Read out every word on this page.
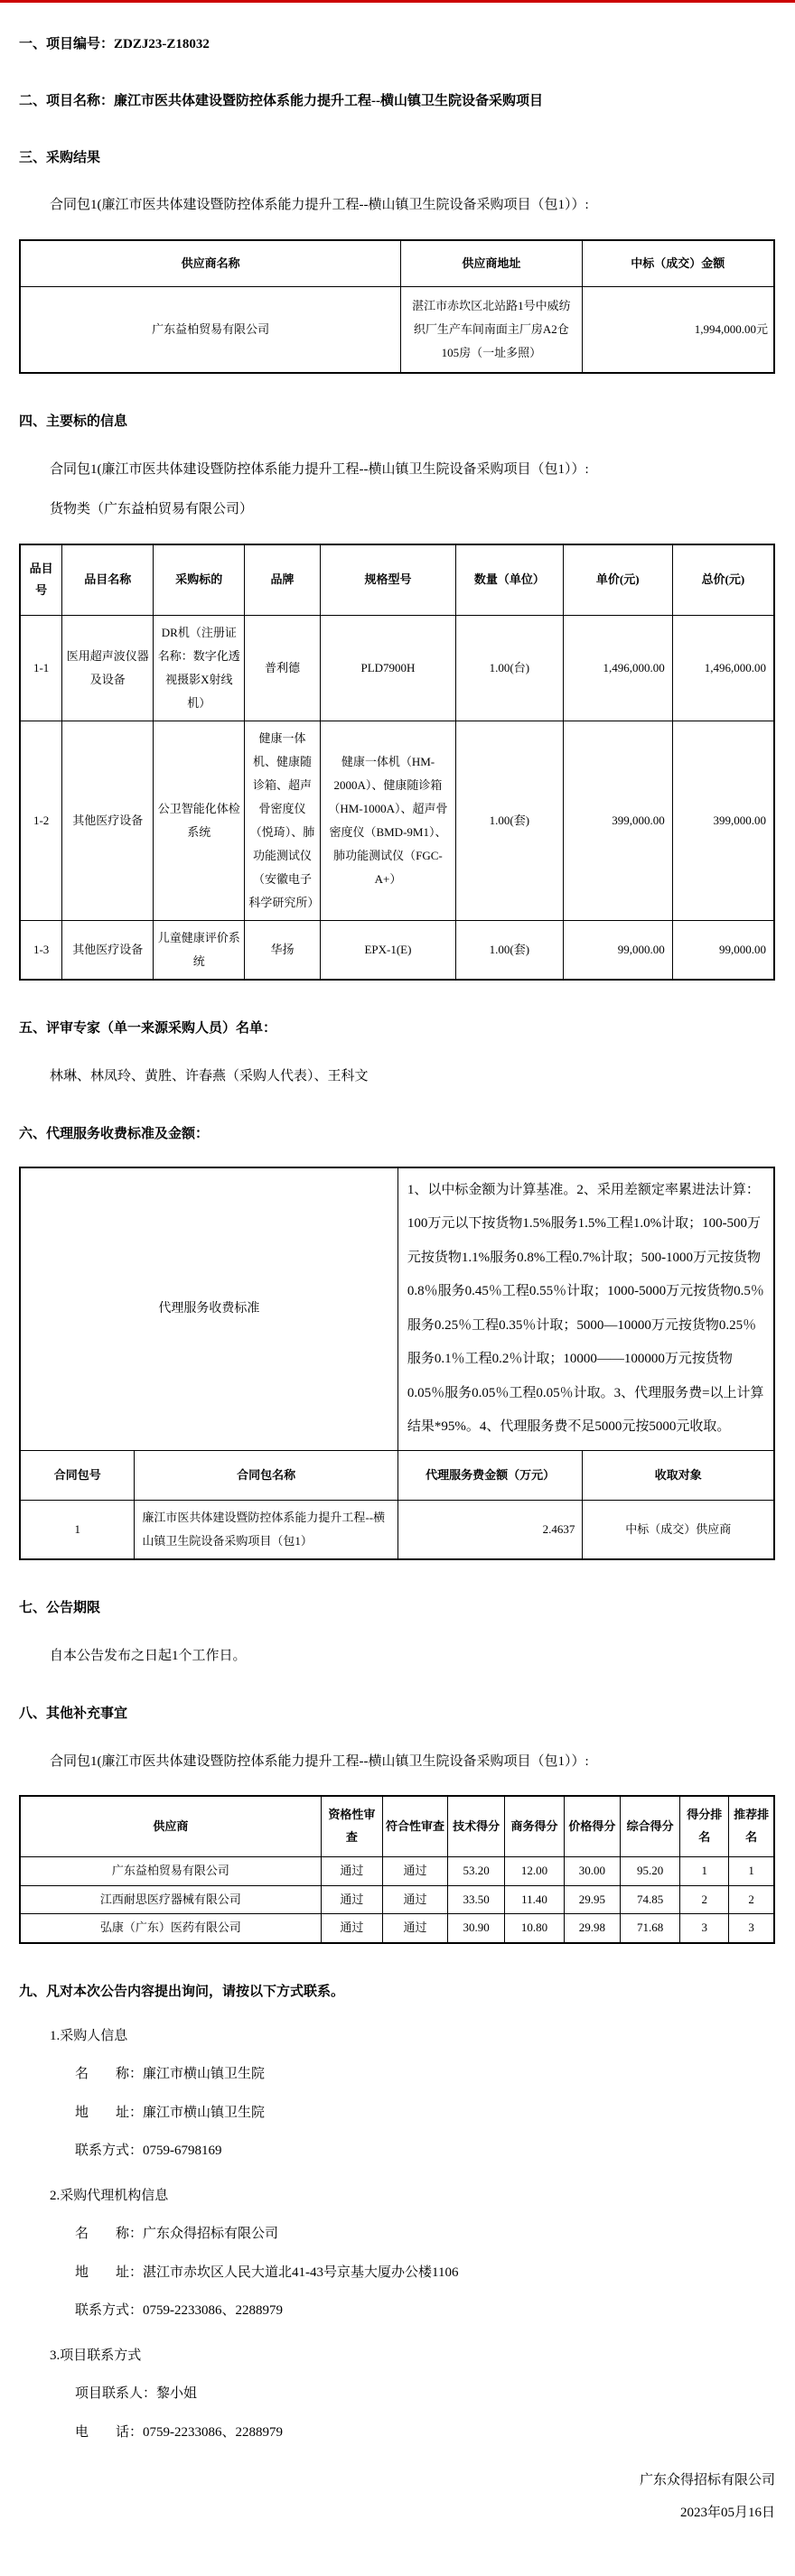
一、项目编号：ZDZJ23-Z18032
二、项目名称：廉江市医共体建设暨防控体系能力提升工程--横山镇卫生院设备采购项目
三、采购结果
合同包1(廉江市医共体建设暨防控体系能力提升工程--横山镇卫生院设备采购项目（包1））:
供应商名称	供应商地址	中标（成交）金额
广东益柏贸易有限公司	湛江市赤坎区北站路1号中威纺织厂生产车间南面主厂房A2仓105房（一址多照）	1,994,000.00元
四、主要标的信息
合同包1(廉江市医共体建设暨防控体系能力提升工程--横山镇卫生院设备采购项目（包1））:
货物类（广东益柏贸易有限公司）
品目号	品目名称	采购标的	品牌	规格型号	数量（单位）	单价(元)	总价(元)
1-1	医用超声波仪器及设备	DR机（注册证名称：数字化透视摄影X射线机）	普利德	PLD7900H	1.00(台)	1,496,000.00	1,496,000.00
1-2	其他医疗设备	公卫智能化体检系统	健康一体机、健康随诊箱、超声骨密度仪（悦琦）、肺功能测试仪（安徽电子科学研究所）	健康一体机（HM-2000A）、健康随诊箱（HM-1000A）、超声骨密度仪（BMD-9M1）、肺功能测试仪（FGC-A+）	1.00(套)	399,000.00	399,000.00
1-3	其他医疗设备	儿童健康评价系统	华扬	EPX-1(E)	1.00(套)	99,000.00	99,000.00
五、评审专家（单一来源采购人员）名单：
林琳、林凤玲、黄胜、许春燕（采购人代表）、王科文
六、代理服务收费标准及金额：
代理服务收费标准		1、以中标金额为计算基准。2、采用差额定率累进法计算：100万元以下按货物1.5%服务1.5%工程1.0%计取；100-500万元按货物1.1%服务0.8%工程0.7%计取；500-1000万元按货物0.8％服务0.45％工程0.55％计取；1000-5000万元按货物0.5％服务0.25％工程0.35％计取；5000—10000万元按货物0.25％服务0.1％工程0.2％计取；10000——100000万元按货物0.05％服务0.05％工程0.05％计取。3、代理服务费=以上计算结果*95%。4、代理服务费不足5000元按5000元收取。	
合同包号	合同包名称	代理服务费金额（万元）	收取对象
1	廉江市医共体建设暨防控体系能力提升工程--横山镇卫生院设备采购项目（包1）	2.4637	中标（成交）供应商
七、公告期限
自本公告发布之日起1个工作日。
八、其他补充事宜
合同包1(廉江市医共体建设暨防控体系能力提升工程--横山镇卫生院设备采购项目（包1））:
供应商	资格性审查	符合性审查	技术得分	商务得分	价格得分	综合得分	得分排名	推荐排名
广东益柏贸易有限公司	通过	通过	53.20	12.00	30.00	95.20	1	1
江西耐思医疗器械有限公司	通过	通过	33.50	11.40	29.95	74.85	2	2
弘康（广东）医药有限公司	通过	通过	30.90	10.80	29.98	71.68	3	3
九、凡对本次公告内容提出询问，请按以下方式联系。
1.采购人信息
名　　称：廉江市横山镇卫生院
地　　址：廉江市横山镇卫生院
联系方式：0759-6798169
2.采购代理机构信息
名　　称：广东众得招标有限公司
地　　址：湛江市赤坎区人民大道北41-43号京基大厦办公楼1106
联系方式：0759-2233086、2288979
3.项目联系方式
项目联系人：黎小姐
电　　话：0759-2233086、2288979
广东众得招标有限公司
2023年05月16日
